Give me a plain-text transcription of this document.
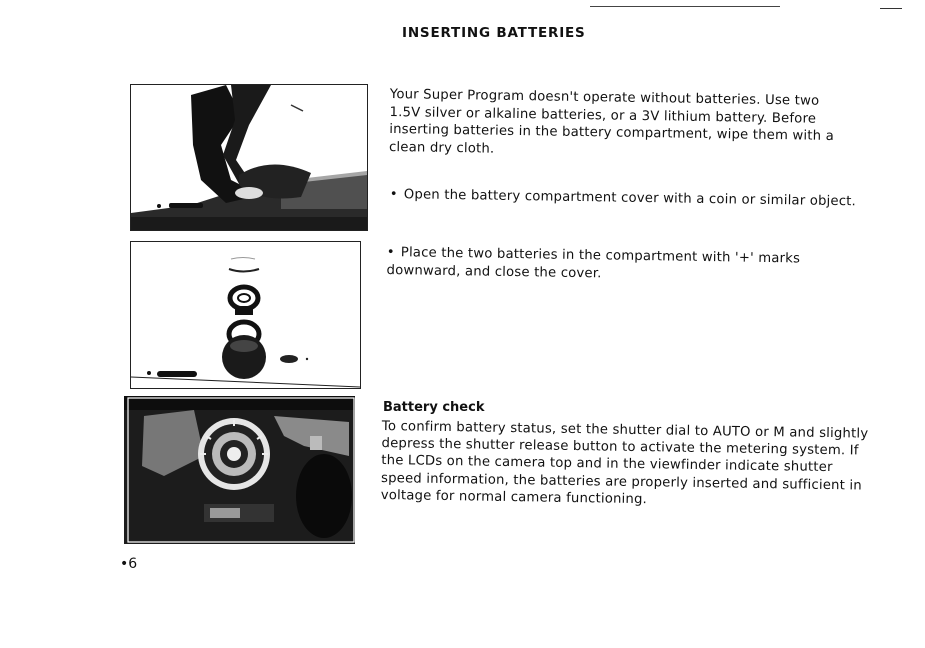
INSERTING BATTERIES
Your Super Program doesn't operate without batteries. Use two 1.5V silver or alkaline batteries, or a 3V lithium battery. Before inserting batteries in the battery compartment, wipe them with a clean dry cloth.
• Open the battery compartment cover with a coin or similar object.
• Place the two batteries in the compartment with '+' marks downward, and close the cover.
Battery check
To confirm battery status, set the shutter dial to AUTO or M and slightly depress the shutter release button to activate the metering system. If the LCDs on the camera top and in the viewfinder indicate shutter speed information, the batteries are properly inserted and sufficient in voltage for normal camera functioning.
•6
